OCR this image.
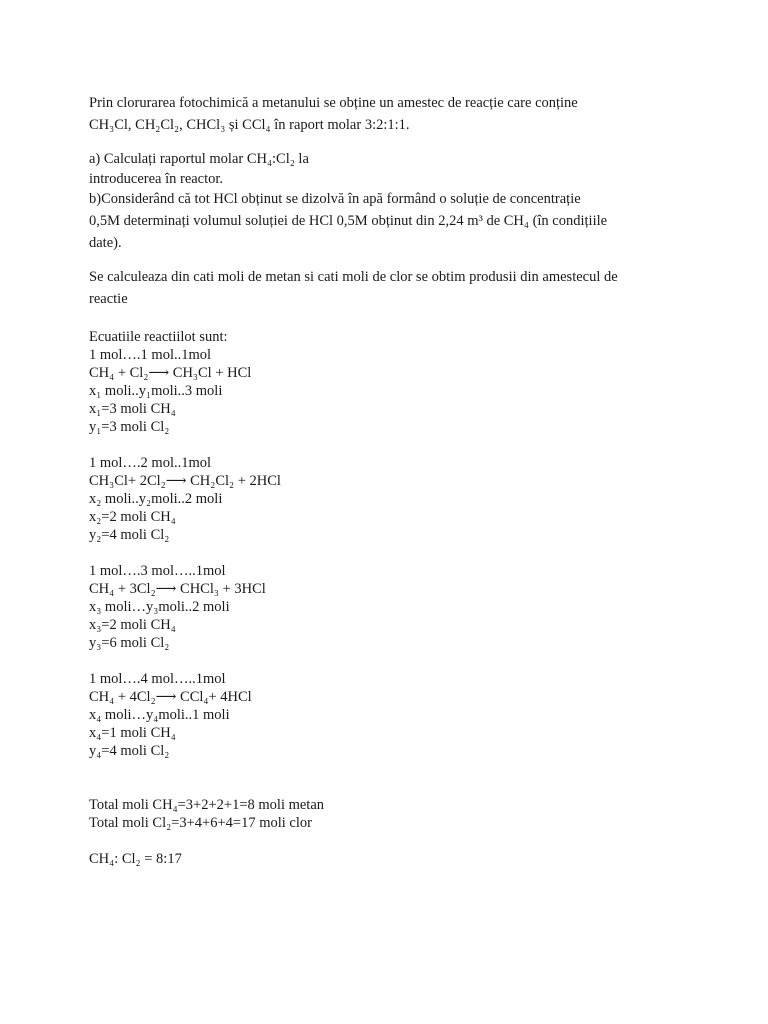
Prin clorurarea fotochimică a metanului se obține un amestec de reacție care conține
CH₃Cl, CH₂Cl₂, CHCl₃ și CCl₄ în raport molar 3:2:1:1.
a) Calculați raportul molar CH₄:Cl₂ la
introducerea în reactor.
b)Considerând că tot HCl obținut se dizolvă în apă formând o soluție de concentrație
0,5M determinați volumul soluției de HCl 0,5M obținut din 2,24 m³ de CH₄ (în condițiile
date).
Se calculeaza din cati moli de metan si cati moli de clor se obtim produsii din amestecul de
reactie
Ecuatiile reactiilot sunt:
1 mol….1 mol..1mol
CH₄ + Cl₂⟶ CH₃Cl + HCl
x₁ moli..y₁moli..3 moli
x₁=3 moli CH₄
y₁=3 moli Cl₂
1 mol….2 mol..1mol
CH₃Cl+ 2Cl₂⟶ CH₂Cl₂ + 2HCl
x₂ moli..y₂moli..2 moli
x₂=2 moli CH₄
y₂=4 moli Cl₂
1 mol….3 mol…..1mol
CH₄ + 3Cl₂⟶ CHCl₃ + 3HCl
x₃ moli…y₃moli..2 moli
x₃=2 moli CH₄
y₃=6 moli Cl₂
1 mol….4 mol…..1mol
CH₄ + 4Cl₂⟶ CCl₄+ 4HCl
x₄ moli…y₄moli..1 moli
x₄=1 moli CH₄
y₄=4 moli Cl₂
Total moli CH₄=3+2+2+1=8 moli metan
Total moli Cl₂=3+4+6+4=17 moli clor
CH₄: Cl₂ = 8:17
